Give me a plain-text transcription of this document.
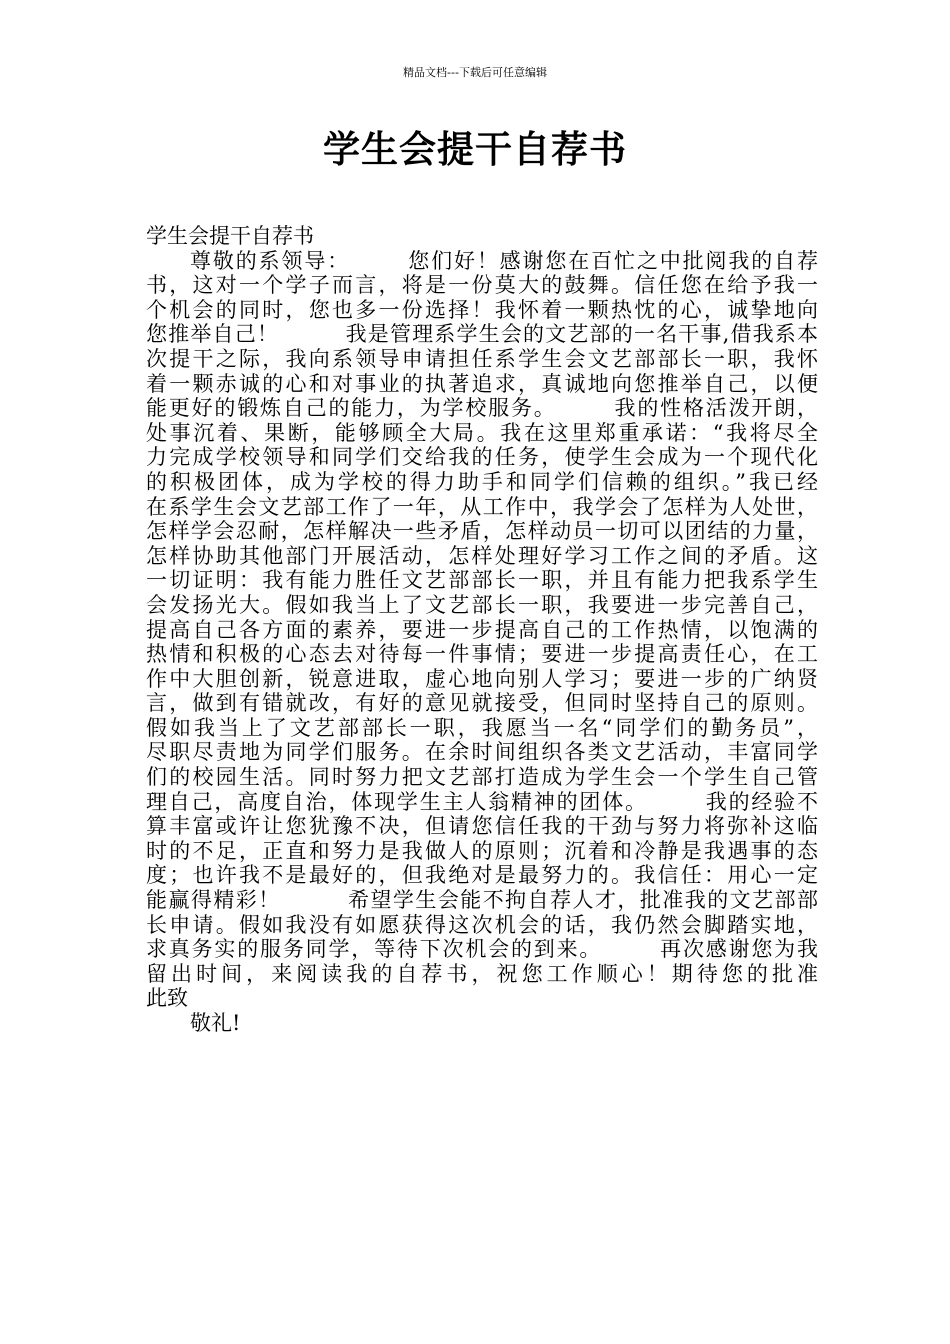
精品文档---下载后可任意编辑
学生会提干自荐书
学生会提干自荐书
尊敬的系领导：　　　您们好！感谢您在百忙之中批阅我的自荐
书，这对一个学子而言，将是一份莫大的鼓舞。信任您在给予我一
个机会的同时，您也多一份选择！我怀着一颗热忱的心，诚挚地向
您推举自己！　　　我是管理系学生会的文艺部的一名干事,借我系本
次提干之际，我向系领导申请担任系学生会文艺部部长一职，我怀
着一颗赤诚的心和对事业的执著追求，真诚地向您推举自己，以便
能更好的锻炼自己的能力，为学校服务。　　　我的性格活泼开朗，
处事沉着、果断，能够顾全大局。我在这里郑重承诺：“我将尽全
力完成学校领导和同学们交给我的任务，使学生会成为一个现代化
的积极团体，成为学校的得力助手和同学们信赖的组织。”我已经
在系学生会文艺部工作了一年，从工作中，我学会了怎样为人处世，
怎样学会忍耐，怎样解决一些矛盾，怎样动员一切可以团结的力量，
怎样协助其他部门开展活动，怎样处理好学习工作之间的矛盾。这
一切证明：我有能力胜任文艺部部长一职，并且有能力把我系学生
会发扬光大。假如我当上了文艺部长一职，我要进一步完善自己，
提高自己各方面的素养，要进一步提高自己的工作热情，以饱满的
热情和积极的心态去对待每一件事情；要进一步提高责任心，在工
作中大胆创新，锐意进取，虚心地向别人学习；要进一步的广纳贤
言，做到有错就改，有好的意见就接受，但同时坚持自己的原则。
假如我当上了文艺部部长一职，我愿当一名“同学们的勤务员”，
尽职尽责地为同学们服务。在余时间组织各类文艺活动，丰富同学
们的校园生活。同时努力把文艺部打造成为学生会一个学生自己管
理自己，高度自治，体现学生主人翁精神的团体。　　　我的经验不
算丰富或许让您犹豫不决，但请您信任我的干劲与努力将弥补这临
时的不足，正直和努力是我做人的原则；沉着和冷静是我遇事的态
度；也许我不是最好的，但我绝对是最努力的。我信任：用心一定
能赢得精彩！　　　希望学生会能不拘自荐人才，批准我的文艺部部
长申请。假如我没有如愿获得这次机会的话，我仍然会脚踏实地，
求真务实的服务同学，等待下次机会的到来。　　　再次感谢您为我
留出时间，来阅读我的自荐书，祝您工作顺心！期待您的批准
此致
敬礼!
